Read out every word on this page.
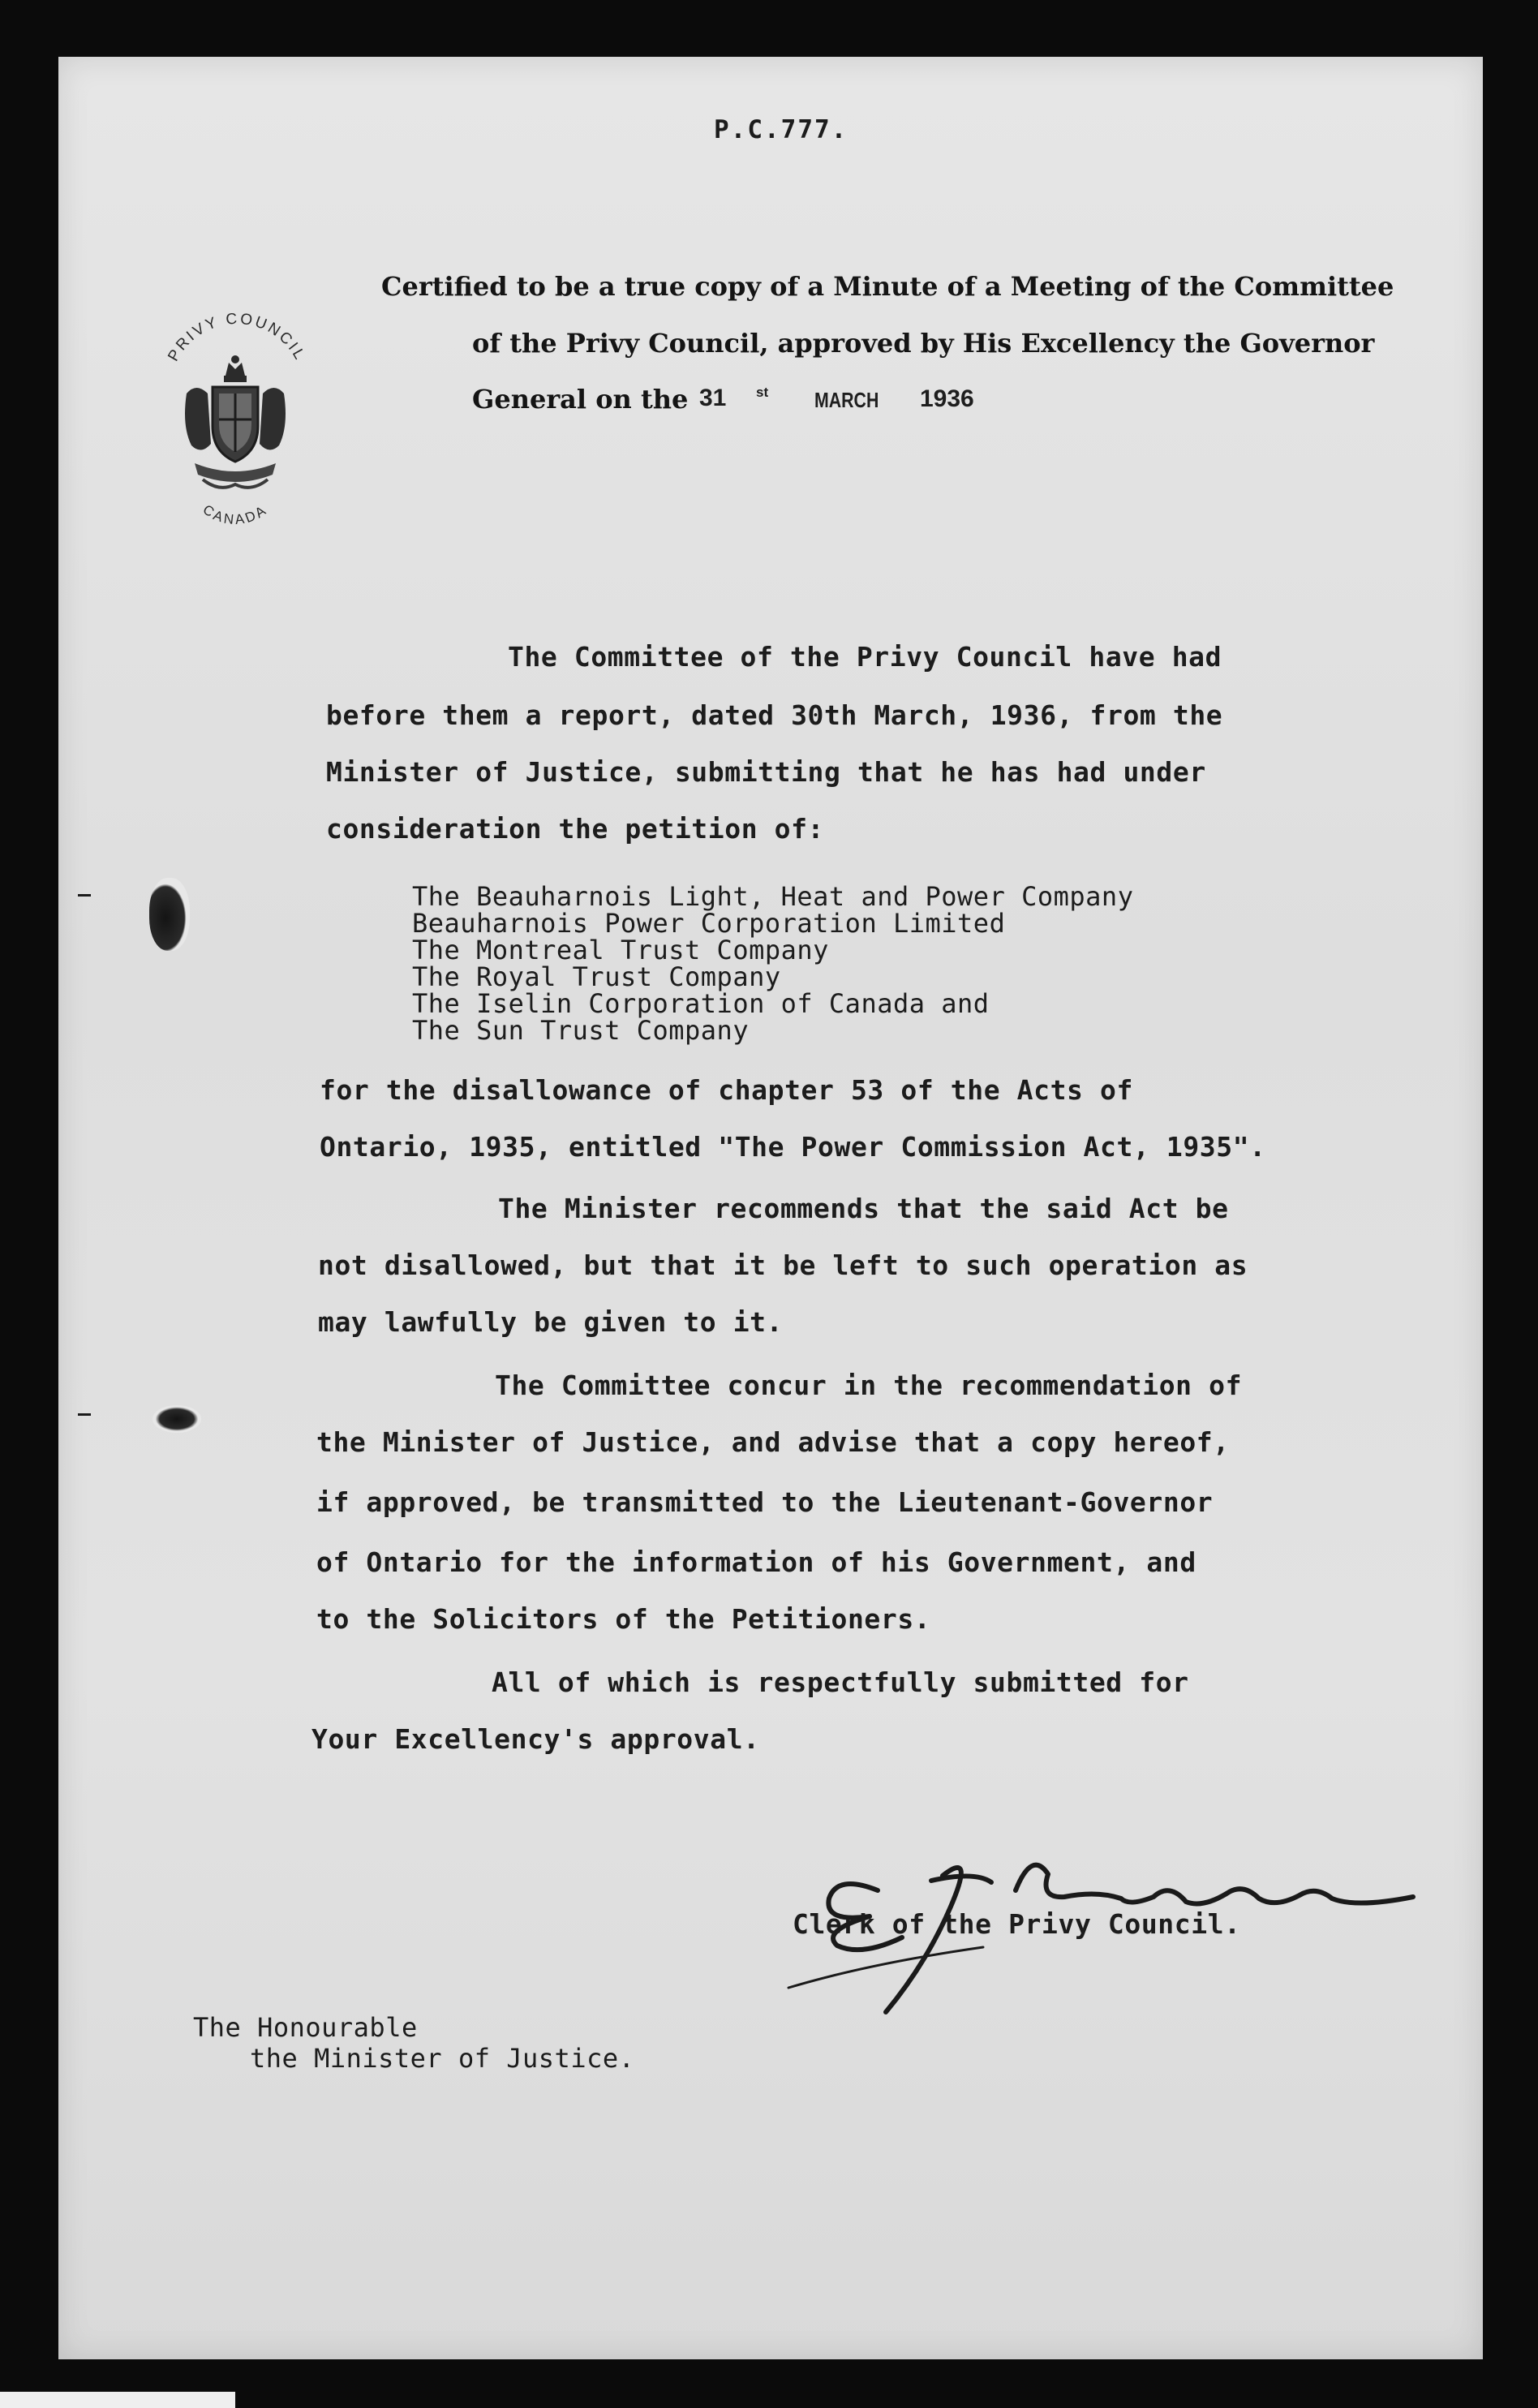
P.C.777.

PRIVY COUNCIL
CANADA

Certified to be a true copy of a Minute of a Meeting of the Committee

of the Privy Council, approved by His Excellency the Governor

General on the 31 st MARCH 1936

The Committee of the Privy Council have had

before them a report, dated 30th March, 1936, from the

Minister of Justice, submitting that he has had under

consideration the petition of:

The Beauharnois Light, Heat and Power Company

Beauharnois Power Corporation Limited

The Montreal Trust Company

The Royal Trust Company

The Iselin Corporation of Canada and

The Sun Trust Company

for the disallowance of chapter 53 of the Acts of

Ontario, 1935, entitled "The Power Commission Act, 1935".

The Minister recommends that the said Act be

not disallowed, but that it be left to such operation as

may lawfully be given to it.

The Committee concur in the recommendation of

the Minister of Justice, and advise that a copy hereof,

if approved, be transmitted to the Lieutenant-Governor

of Ontario for the information of his Government, and

to the Solicitors of the Petitioners.

All of which is respectfully submitted for

Your Excellency's approval.

Clerk of the Privy Council.

The Honourable

the Minister of Justice.
